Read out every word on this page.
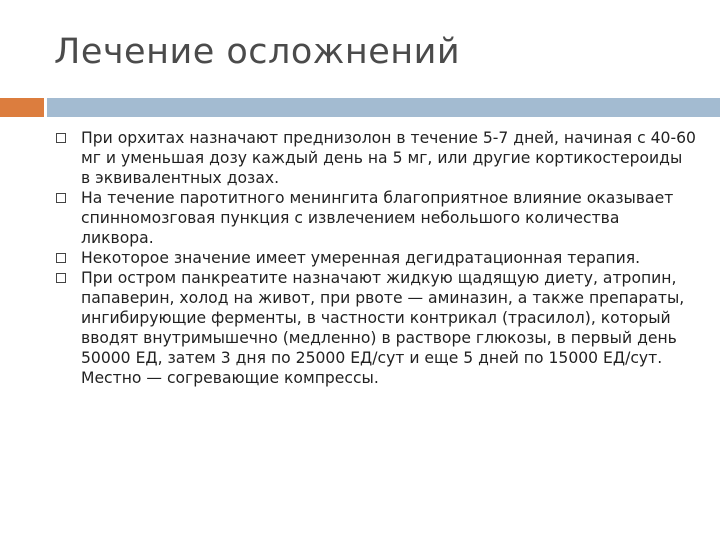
Лечение осложнений
При орхитах назначают преднизолон в течение 5-7 дней, начиная с 40-60 мг и уменьшая дозу каждый день на 5 мг, или другие кортикостероиды в эквивалентных дозах.
На течение паротитного менингита благоприятное влияние оказывает спинномозговая пункция с извлечением небольшого количества ликвора.
Некоторое значение имеет умеренная дегидратационная терапия.
При остром панкреатите назначают жидкую щадящую диету, атропин, папаверин, холод на живот, при рвоте — аминазин, а также препараты, ингибирующие ферменты, в частности контрикал (трасилол), который вводят внутримышечно (медленно) в растворе глюкозы, в первый день 50000 ЕД, затем 3 дня по 25000 ЕД/сут и еще 5 дней по 15000 ЕД/сут. Местно — согревающие компрессы.
